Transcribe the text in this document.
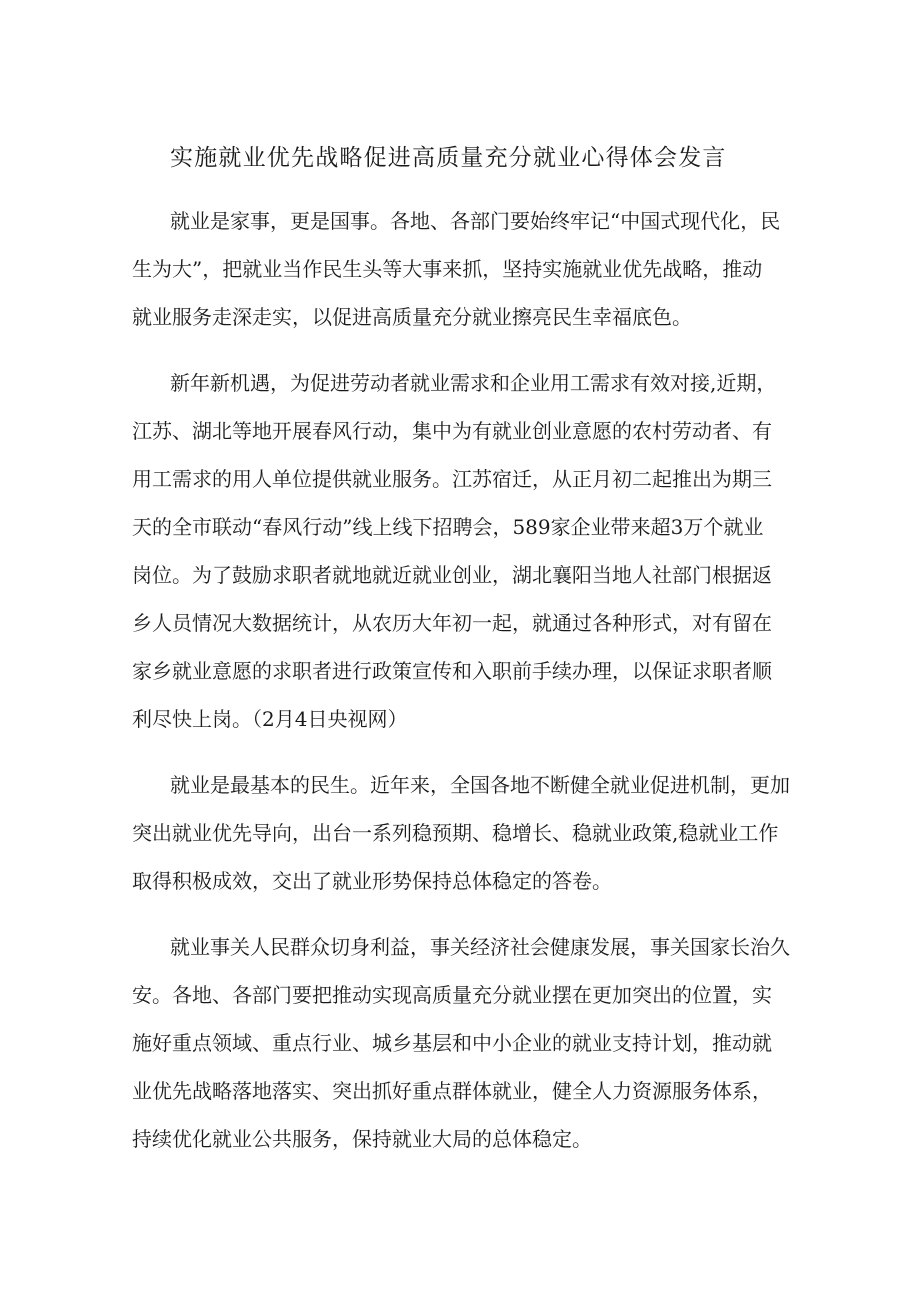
实施就业优先战略促进高质量充分就业心得体会发言

就业是家事，更是国事。各地、各部门要始终牢记“中国式现代化，民

生为大”，把就业当作民生头等大事来抓，坚持实施就业优先战略，推动

就业服务走深走实，以促进高质量充分就业擦亮民生幸福底色。

新年新机遇，为促进劳动者就业需求和企业用工需求有效对接,近期，

江苏、湖北等地开展春风行动，集中为有就业创业意愿的农村劳动者、有

用工需求的用人单位提供就业服务。江苏宿迁，从正月初二起推出为期三

天的全市联动“春风行动”线上线下招聘会，589家企业带来超3万个就业

岗位。为了鼓励求职者就地就近就业创业，湖北襄阳当地人社部门根据返

乡人员情况大数据统计，从农历大年初一起，就通过各种形式，对有留在

家乡就业意愿的求职者进行政策宣传和入职前手续办理，以保证求职者顺

利尽快上岗。（2月4日央视网）

就业是最基本的民生。近年来，全国各地不断健全就业促进机制，更加

突出就业优先导向，出台一系列稳预期、稳增长、稳就业政策,稳就业工作

取得积极成效，交出了就业形势保持总体稳定的答卷。

就业事关人民群众切身利益，事关经济社会健康发展，事关国家长治久

安。各地、各部门要把推动实现高质量充分就业摆在更加突出的位置，实

施好重点领域、重点行业、城乡基层和中小企业的就业支持计划，推动就

业优先战略落地落实、突出抓好重点群体就业，健全人力资源服务体系，

持续优化就业公共服务，保持就业大局的总体稳定。
